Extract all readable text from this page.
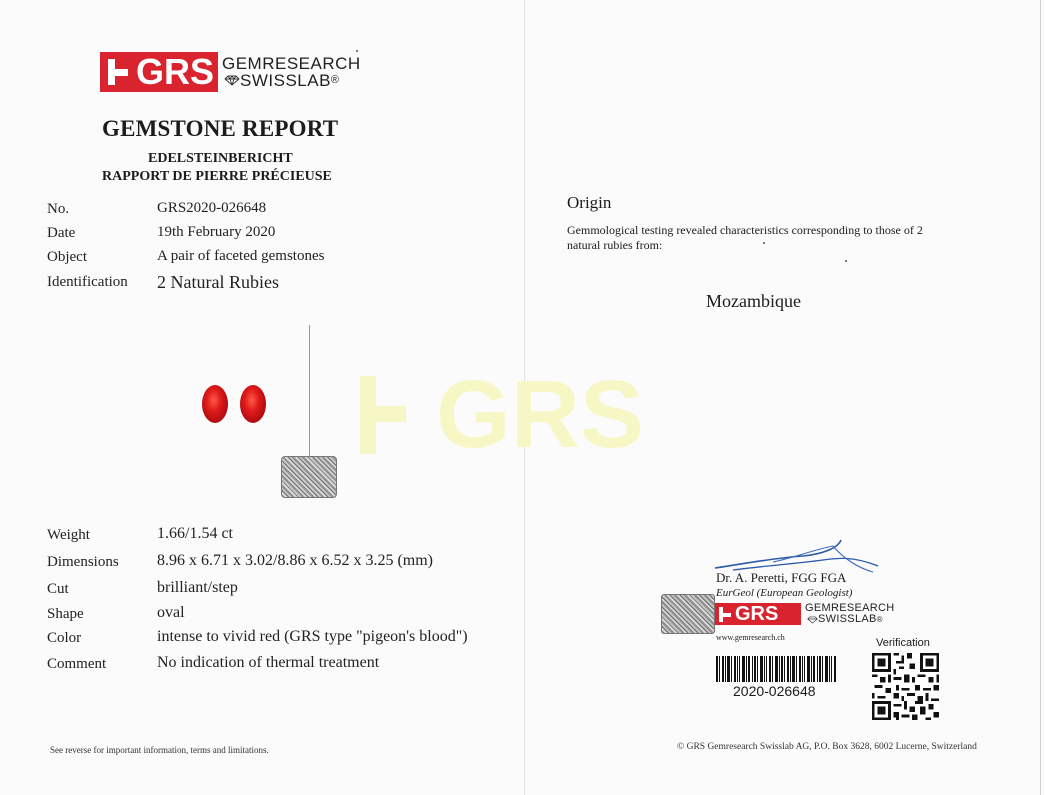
GRS GEMRESEARCH
SWISSLAB ®
GEMSTONE REPORT
EDELSTEINBERICHT
RAPPORT DE PIERRE PRÉCIEUSE
No.	GRS2020-026648
Date	19th February 2020
Object	A pair of faceted gemstones
Identification 2 Natural Rubies
GRS
Weight	1.66/1.54 ct
Dimensions 8.96 x 6.71 x 3.02/8.86 x 6.52 x 3.25 (mm)
Cut	brilliant/step
Shape	oval
Color	intense to vivid red (GRS type "pigeon's blood")
Comment	No indication of thermal treatment
Origin
Gemmological testing revealed characteristics corresponding to those of 2 natural rubies from:
Mozambique
Dr. A. Peretti, FGG FGA
EurGeol (European Geologist)
GRS GEMRESEARCH
SWISSLAB ®
www.gemresearch.ch
2020-026648
Verification
See reverse for important information, terms and limitations.	© GRS Gemresearch Swisslab AG, P.O. Box 3628, 6002 Lucerne, Switzerland
